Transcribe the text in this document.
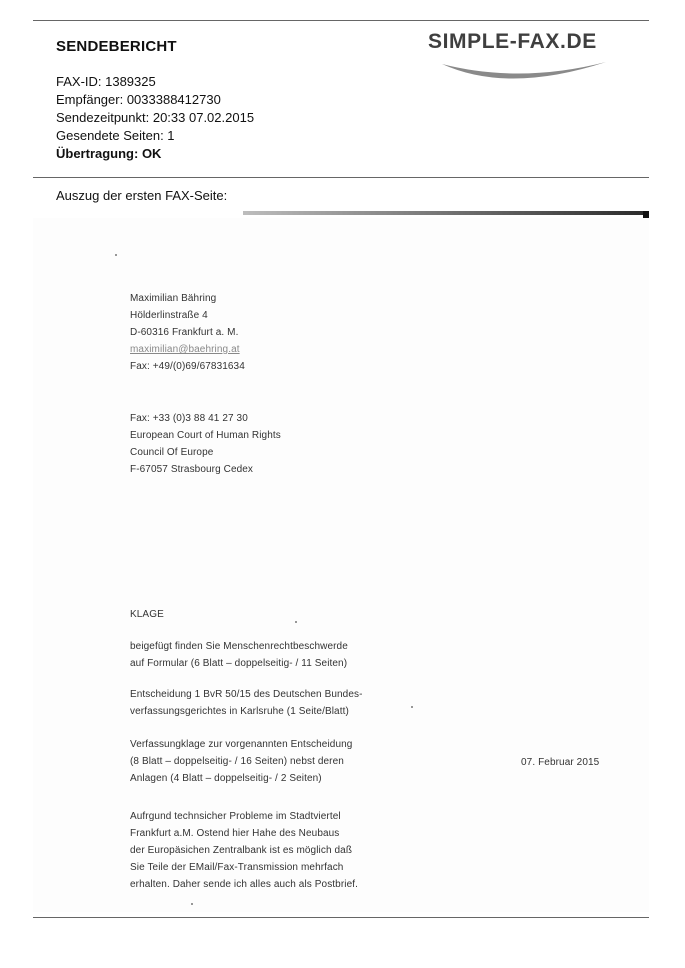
SENDEBERICHT	SIMPLE-FAX.DE
FAX-ID: 1389325
Empfänger: 0033388412730
Sendezeitpunkt: 20:33 07.02.2015
Gesendete Seiten: 1
Übertragung: OK
Auszug der ersten FAX-Seite:
Maximilian Bähring
Hölderlinstraße 4
D-60316 Frankfurt a. M.
maximilian@baehring.at
Fax: +49/(0)69/67831634
Fax: +33 (0)3 88 41 27 30
European Court of Human Rights
Council Of Europe
F-67057 Strasbourg Cedex
07. Februar 2015
KLAGE
beigefügt finden Sie Menschenrechtbeschwerde
auf Formular (6 Blatt – doppelseitig- / 11 Seiten)
Entscheidung 1 BvR 50/15 des Deutschen Bundes-
verfassungsgerichtes in Karlsruhe (1 Seite/Blatt)
Verfassungklage zur vorgenannten Entscheidung
(8 Blatt – doppelseitig- / 16 Seiten) nebst deren
Anlagen (4 Blatt – doppelseitig- / 2 Seiten)
Aufrgund technsicher Probleme im Stadtviertel
Frankfurt a.M. Ostend hier Hahe des Neubaus
der Europäsichen Zentralbank ist es möglich daß
Sie Teile der EMail/Fax-Transmission mehrfach
erhalten. Daher sende ich alles auch als Postbrief.
